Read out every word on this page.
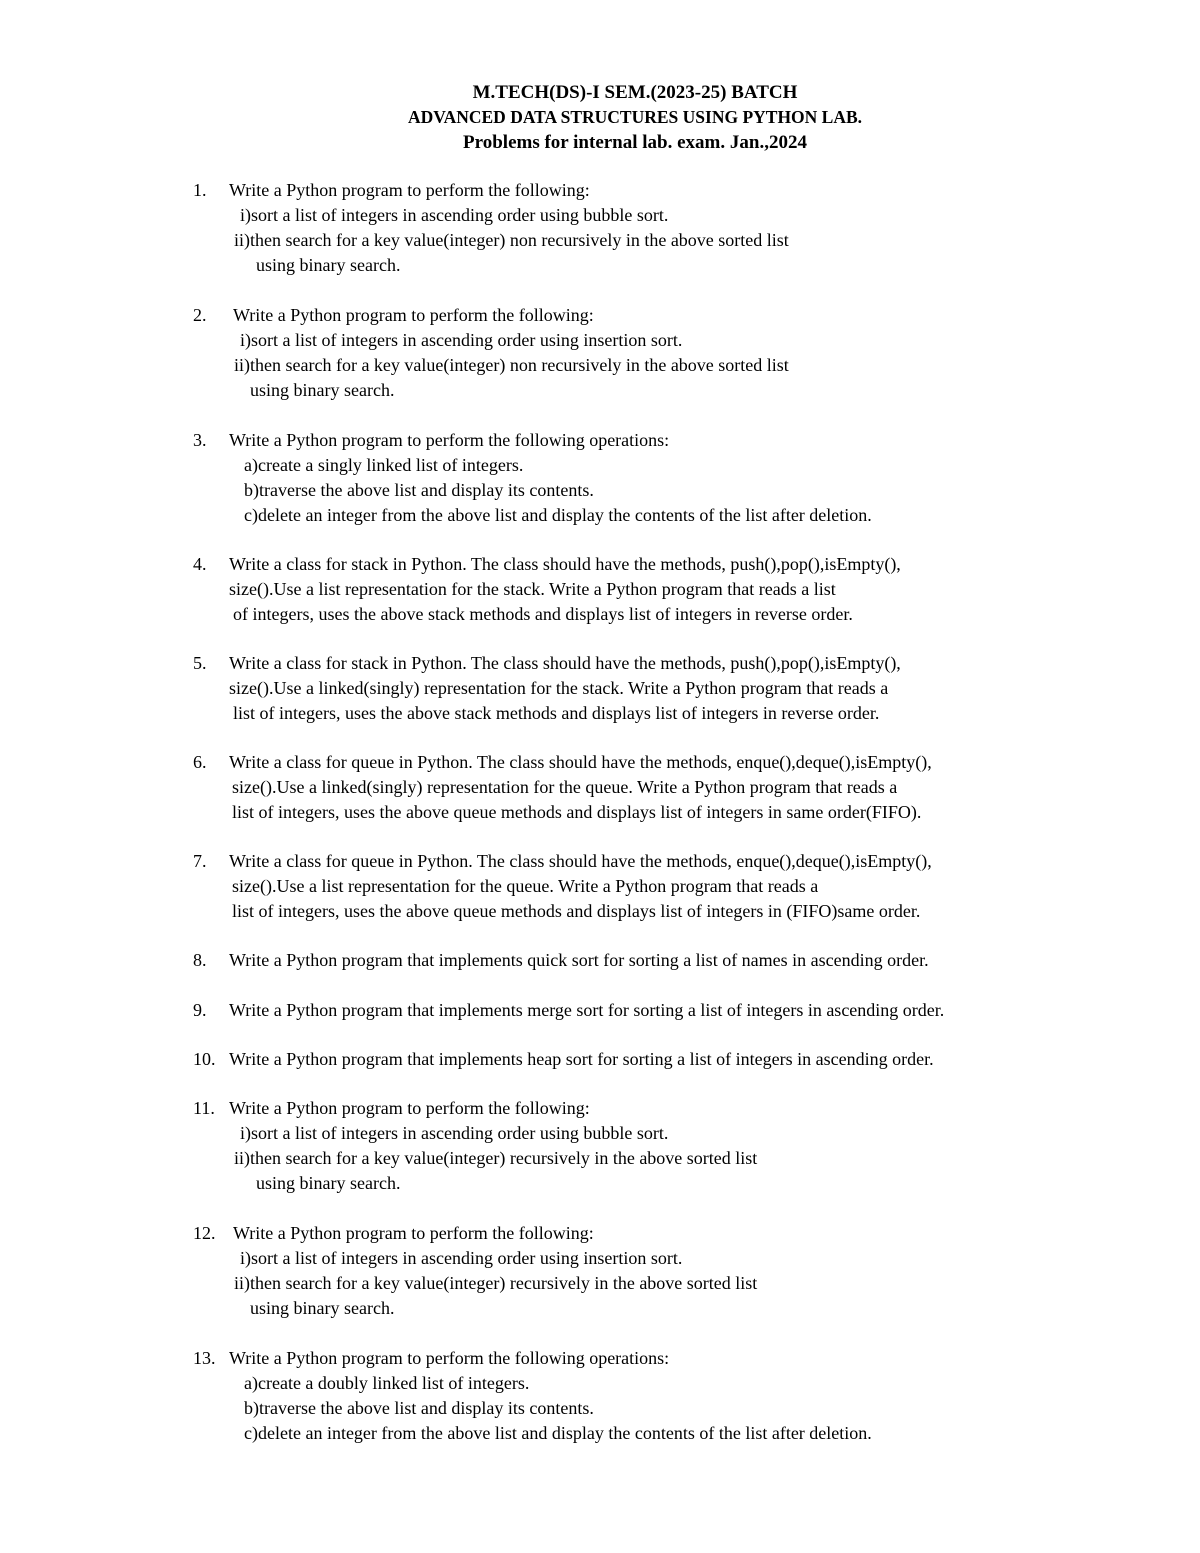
M.TECH(DS)-I SEM.(2023-25) BATCH
ADVANCED DATA STRUCTURES USING PYTHON LAB.
Problems for internal lab. exam. Jan.,2024
1. Write a Python program to perform the following:
i)sort a list of integers in ascending order using bubble sort.
ii)then search for a key value(integer) non recursively in the above sorted list
using binary search.
2. Write a Python program to perform the following:
i)sort a list of integers in ascending order using insertion sort.
ii)then search for a key value(integer) non recursively in the above sorted list
using binary search.
3. Write a Python program to perform the following operations:
a)create a singly linked list of integers.
b)traverse the above list and display its contents.
c)delete an integer from the above list and display the contents of the list after deletion.
4. Write a class for stack in Python. The class should have the methods, push(),pop(),isEmpty(),
size().Use a list representation for the stack. Write a Python program that reads a list
of integers, uses the above stack methods and displays list of integers in reverse order.
5. Write a class for stack in Python. The class should have the methods, push(),pop(),isEmpty(),
size().Use a linked(singly) representation for the stack. Write a Python program that reads a
list of integers, uses the above stack methods and displays list of integers in reverse order.
6. Write a class for queue in Python. The class should have the methods, enque(),deque(),isEmpty(),
size().Use a linked(singly) representation for the queue. Write a Python program that reads a
list of integers, uses the above queue methods and displays list of integers in same order(FIFO).
7. Write a class for queue in Python. The class should have the methods, enque(),deque(),isEmpty(),
size().Use a list representation for the queue. Write a Python program that reads a
list of integers, uses the above queue methods and displays list of integers in (FIFO)same order.
8. Write a Python program that implements quick sort for sorting a list of names in ascending order.
9. Write a Python program that implements merge sort for sorting a list of integers in ascending order.
10. Write a Python program that implements heap sort for sorting a list of integers in ascending order.
11. Write a Python program to perform the following:
i)sort a list of integers in ascending order using bubble sort.
ii)then search for a key value(integer) recursively in the above sorted list
using binary search.
12. Write a Python program to perform the following:
i)sort a list of integers in ascending order using insertion sort.
ii)then search for a key value(integer) recursively in the above sorted list
using binary search.
13. Write a Python program to perform the following operations:
a)create a doubly linked list of integers.
b)traverse the above list and display its contents.
c)delete an integer from the above list and display the contents of the list after deletion.
